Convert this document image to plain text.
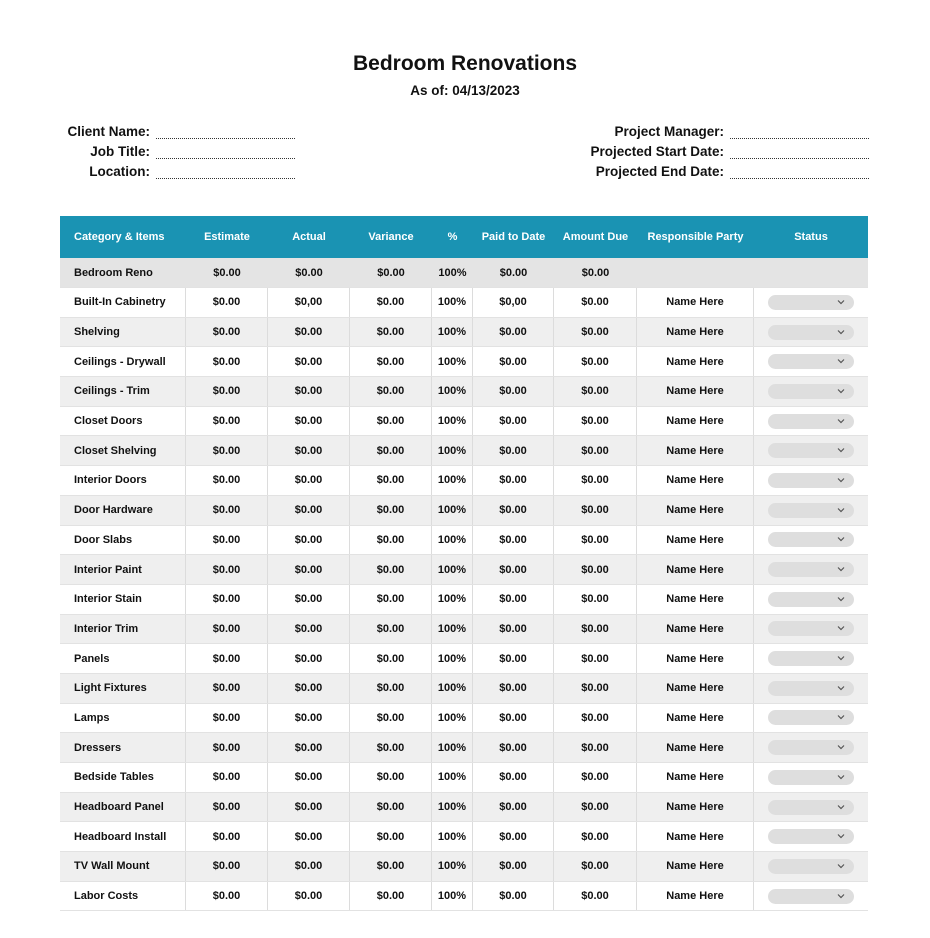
Bedroom Renovations
As of: 04/13/2023
Client Name:
Job Title:
Location:
Project Manager:
Projected Start Date:
Projected End Date:
Category & Items	Estimate	Actual	Variance	%	Paid to Date	Amount Due	Responsible Party	Status
Bedroom Reno	$0.00	$0.00	$0.00	100%	$0.00	$0.00
Built-In Cabinetry	$0.00	$0,00	$0.00	100%	$0,00	$0.00	Name Here
Shelving	$0.00	$0.00	$0.00	100%	$0.00	$0.00	Name Here
Ceilings - Drywall	$0.00	$0.00	$0.00	100%	$0.00	$0.00	Name Here
Ceilings - Trim	$0.00	$0.00	$0.00	100%	$0.00	$0.00	Name Here
Closet Doors	$0.00	$0.00	$0.00	100%	$0.00	$0.00	Name Here
Closet Shelving	$0.00	$0.00	$0.00	100%	$0.00	$0.00	Name Here
Interior Doors	$0.00	$0.00	$0.00	100%	$0.00	$0.00	Name Here
Door Hardware	$0.00	$0.00	$0.00	100%	$0.00	$0.00	Name Here
Door Slabs	$0.00	$0.00	$0.00	100%	$0.00	$0.00	Name Here
Interior Paint	$0.00	$0.00	$0.00	100%	$0.00	$0.00	Name Here
Interior Stain	$0.00	$0.00	$0.00	100%	$0.00	$0.00	Name Here
Interior Trim	$0.00	$0.00	$0.00	100%	$0.00	$0.00	Name Here
Panels	$0.00	$0.00	$0.00	100%	$0.00	$0.00	Name Here
Light Fixtures	$0.00	$0.00	$0.00	100%	$0.00	$0.00	Name Here
Lamps	$0.00	$0.00	$0.00	100%	$0.00	$0.00	Name Here
Dressers	$0.00	$0.00	$0.00	100%	$0.00	$0.00	Name Here
Bedside Tables	$0.00	$0.00	$0.00	100%	$0.00	$0.00	Name Here
Headboard Panel	$0.00	$0.00	$0.00	100%	$0.00	$0.00	Name Here
Headboard Install	$0.00	$0.00	$0.00	100%	$0.00	$0.00	Name Here
TV Wall Mount	$0.00	$0.00	$0.00	100%	$0.00	$0.00	Name Here
Labor Costs	$0.00	$0.00	$0.00	100%	$0.00	$0.00	Name Here
